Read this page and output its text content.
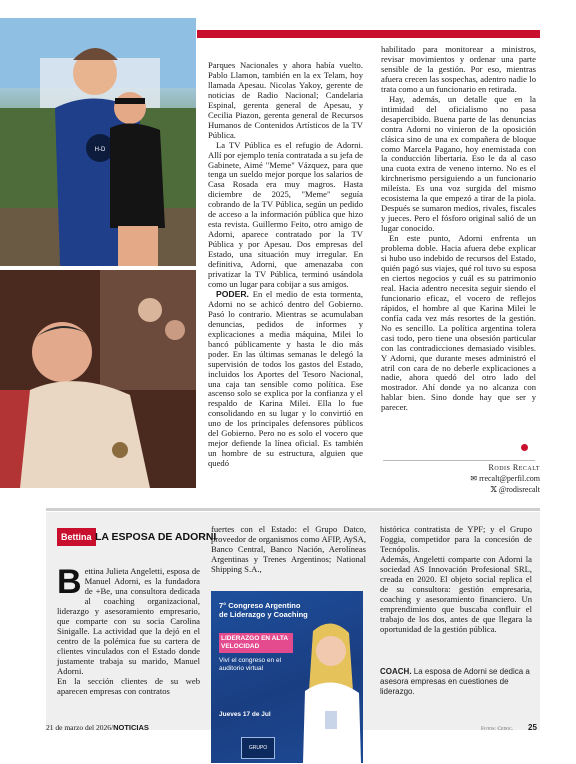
H-D

Parques Nacionales y ahora había vuelto. Pablo Llamon, también en la ex Telam, hoy llamada Apesau. Nicolas Yakoy, gerente de noticias de Radio Nacional; Candelaria Espinal, gerenta general de Apesau, y Cecilia Piazon, gerenta general de Recursos Humanos de Contenidos Artísticos de la TV Pública.

La TV Pública es el refugio de Adorni. Allí por ejemplo tenía contratada a su jefa de Gabinete, Aimé "Meme" Vázquez, para que tenga un sueldo mejor porque los salarios de Casa Rosada era muy magros. Hasta diciembre de 2025, "Meme" seguía cobrando de la TV Pública, según un pedido de acceso a la información pública que hizo esta revista. Guillermo Feito, otro amigo de Adorni, aparece contratado por la TV Pública y por Apesau. Dos empresas del Estado, una situación muy irregular. En definitiva, Adorni, que amenazaba con privatizar la TV Pública, terminó usándola como un lugar para cobijar a sus amigos.

PODER. En el medio de esta tormenta, Adorni no se achicó dentro del Gobierno. Pasó lo contrario. Mientras se acumulaban denuncias, pedidos de informes y explicaciones a media máquina, Milei lo bancó públicamente y hasta le dio más poder. En las últimas semanas le delegó la supervisión de todos los gastos del Estado, incluidos los Aportes del Tesoro Nacional, una caja tan sensible como política. Ese ascenso solo se explica por la confianza y el respaldo de Karina Milei. Ella lo fue consolidando en su lugar y lo convirtió en uno de los principales defensores públicos del Gobierno. Pero no es solo el vocero que mejor defiende la línea oficial. Es también un hombre de su estructura, alguien que quedó

habilitado para monitorear a ministros, revisar movimientos y ordenar una parte sensible de la gestión. Por eso, mientras afuera crecen las sospechas, adentro nadie lo trata como a un funcionario en retirada.

Hay, además, un detalle que en la intimidad del oficialismo no pasa desapercibido. Buena parte de las denuncias contra Adorni no vinieron de la oposición clásica sino de una ex compañera de bloque como Marcela Pagano, hoy enemistada con la conducción libertaria. Eso le da al caso una cuota extra de veneno interno. No es el kirchnerismo persiguiendo a un funcionario mileísta. Es una voz surgida del mismo ecosistema la que empezó a tirar de la piola. Después se sumaron medios, rivales, fiscales y jueces. Pero el fósforo original salió de un lugar conocido.

En este punto, Adorni enfrenta un problema doble. Hacia afuera debe explicar si hubo uso indebido de recursos del Estado, quién pagó sus viajes, qué rol tuvo su esposa en ciertos negocios y cuál es su patrimonio real. Hacia adentro necesita seguir siendo el funcionario eficaz, el vocero de reflejos rápidos, el hombre al que Karina Milei le confía cada vez más resortes de la gestión. No es sencillo. La política argentina tolera casi todo, pero tiene una obsesión particular con las contradicciones demasiado visibles. Y Adorni, que durante meses administró el atril con cara de no deberle explicaciones a nadie, ahora quedó del otro lado del mostrador. Ahí donde ya no alcanza con hablar bien. Sino donde hay que ser y parecer.

Rodis Recalt
✉ rrecalt@perfil.com
𝕏 @rodisrecalt
Bettina LA ESPOSA DE ADORNI
Bettina Julieta Angeletti, esposa de Manuel Adorni, es la fundadora de +Be, una consultora dedicada al coaching organizacional, liderazgo y asesoramiento empresario, que comparte con su socia Carolina Sinigalle. La actividad que la dejó en el centro de la polémica fue su cartera de clientes vinculados con el Estado donde justamente trabaja su marido, Manuel Adorni.
En la sección clientes de su web aparecen empresas con contratos
fuertes con el Estado: el Grupo Datco, proveedor de organismos como AFIP, AySA, Banco Central, Banco Nación, Aerolíneas Argentinas y Trenes Argentinos; National Shipping S.A.,
histórica contratista de YPF; y el Grupo Foggia, competidor para la concesión de Tecnópolis.
Además, Angeletti comparte con Adorni la sociedad AS Innovación Profesional SRL, creada en 2020. El objeto social replica el de su consultora: gestión empresaria, coaching y asesoramiento financiero. Un emprendimiento que buscaba confluir el trabajo de los dos, antes de que llegara la oportunidad de la gestión pública.
7° Congreso Argentino de Liderazgo y Coaching
LIDERAZGO EN ALTA VELOCIDAD
Viví el congreso en el auditorio virtual
Jueves 17 de Jul
GRUPO
COACH. La esposa de Adorni se dedica a asesora empresas en cuestiones de liderazgo.
21 de marzo del 2026/NOTICIAS	Fotos: Cedoc. 25
